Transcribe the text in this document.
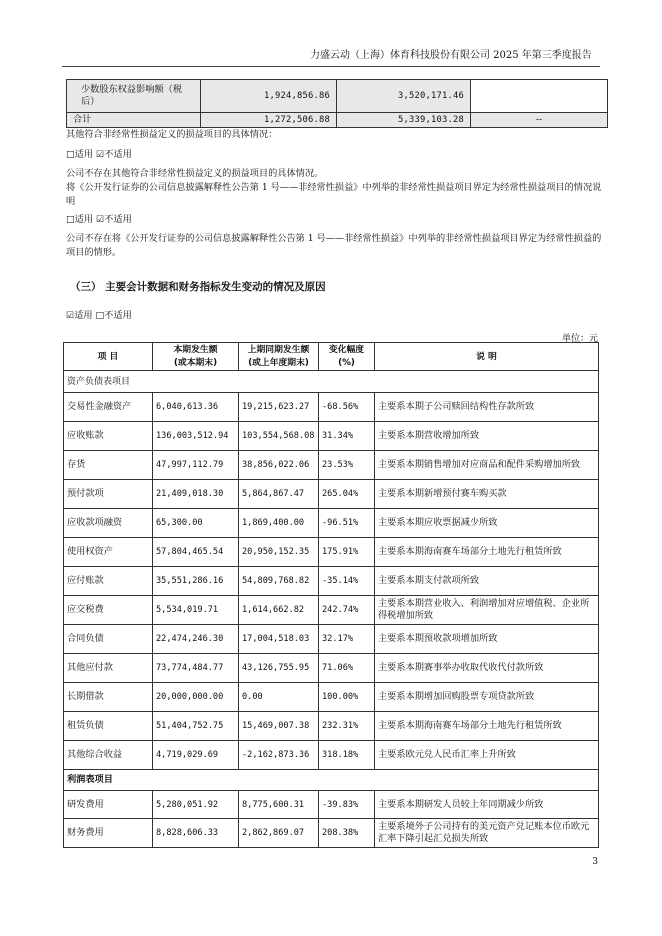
力盛云动（上海）体育科技股份有限公司 2025 年第三季度报告
少数股东权益影响额（税后）	1,924,856.86	3,520,171.46	
合计	1,272,506.88	5,339,103.28	--
其他符合非经常性损益定义的损益项目的具体情况：
□适用 ☑不适用
公司不存在其他符合非经常性损益定义的损益项目的具体情况。
将《公开发行证券的公司信息披露解释性公告第 1 号——非经常性损益》中列举的非经常性损益项目界定为经常性损益项目的情况说明
□适用 ☑不适用
公司不存在将《公开发行证券的公司信息披露解释性公告第 1 号——非经常性损益》中列举的非经常性损益项目界定为经常性损益的项目的情形。
（三） 主要会计数据和财务指标发生变动的情况及原因
☑适用 □不适用
单位：元
项 目	本期发生额	上期同期发生额	变化幅度	说 明
	(或本期末)	(或上年度期末)	(%)	
资产负债表项目				
交易性金融资产	6,040,613.36	19,215,623.27	-68.56%	主要系本期子公司赎回结构性存款所致
应收账款	136,003,512.94	103,554,568.08	31.34%	主要系本期营收增加所致
存货	47,997,112.79	38,856,022.06	23.53%	主要系本期销售增加对应商品和配件采购增加所致
预付款项	21,409,018.30	5,864,867.47	265.04%	主要系本期新增预付赛车购买款
应收款项融资	65,300.00	1,869,400.00	-96.51%	主要系本期应收票据减少所致
使用权资产	57,804,465.54	20,950,152.35	175.91%	主要系本期海南赛车场部分土地先行租赁所致
应付账款	35,551,286.16	54,809,768.82	-35.14%	主要系本期支付款项所致
应交税费	5,534,019.71	1,614,662.82	242.74%	主要系本期营业收入、利润增加对应增值税、企业所得税增加所致
合同负债	22,474,246.30	17,004,518.03	32.17%	主要系本期预收款项增加所致
其他应付款	73,774,484.77	43,126,755.95	71.06%	主要系本期赛事举办收取代收代付款所致
长期借款	20,000,000.00	0.00	100.00%	主要系本期增加回购股票专项贷款所致
租赁负债	51,404,752.75	15,469,007.38	232.31%	主要系本期海南赛车场部分土地先行租赁所致
其他综合收益	4,719,029.69	-2,162,873.36	318.18%	主要系欧元兑人民币汇率上升所致
利润表项目				
研发费用	5,280,051.92	8,775,600.31	-39.83%	主要系本期研发人员较上年同期减少所致
财务费用	8,828,606.33	2,862,869.07	208.38%	主要系境外子公司持有的美元资产兑记账本位币欧元汇率下降引起汇兑损失所致
3
